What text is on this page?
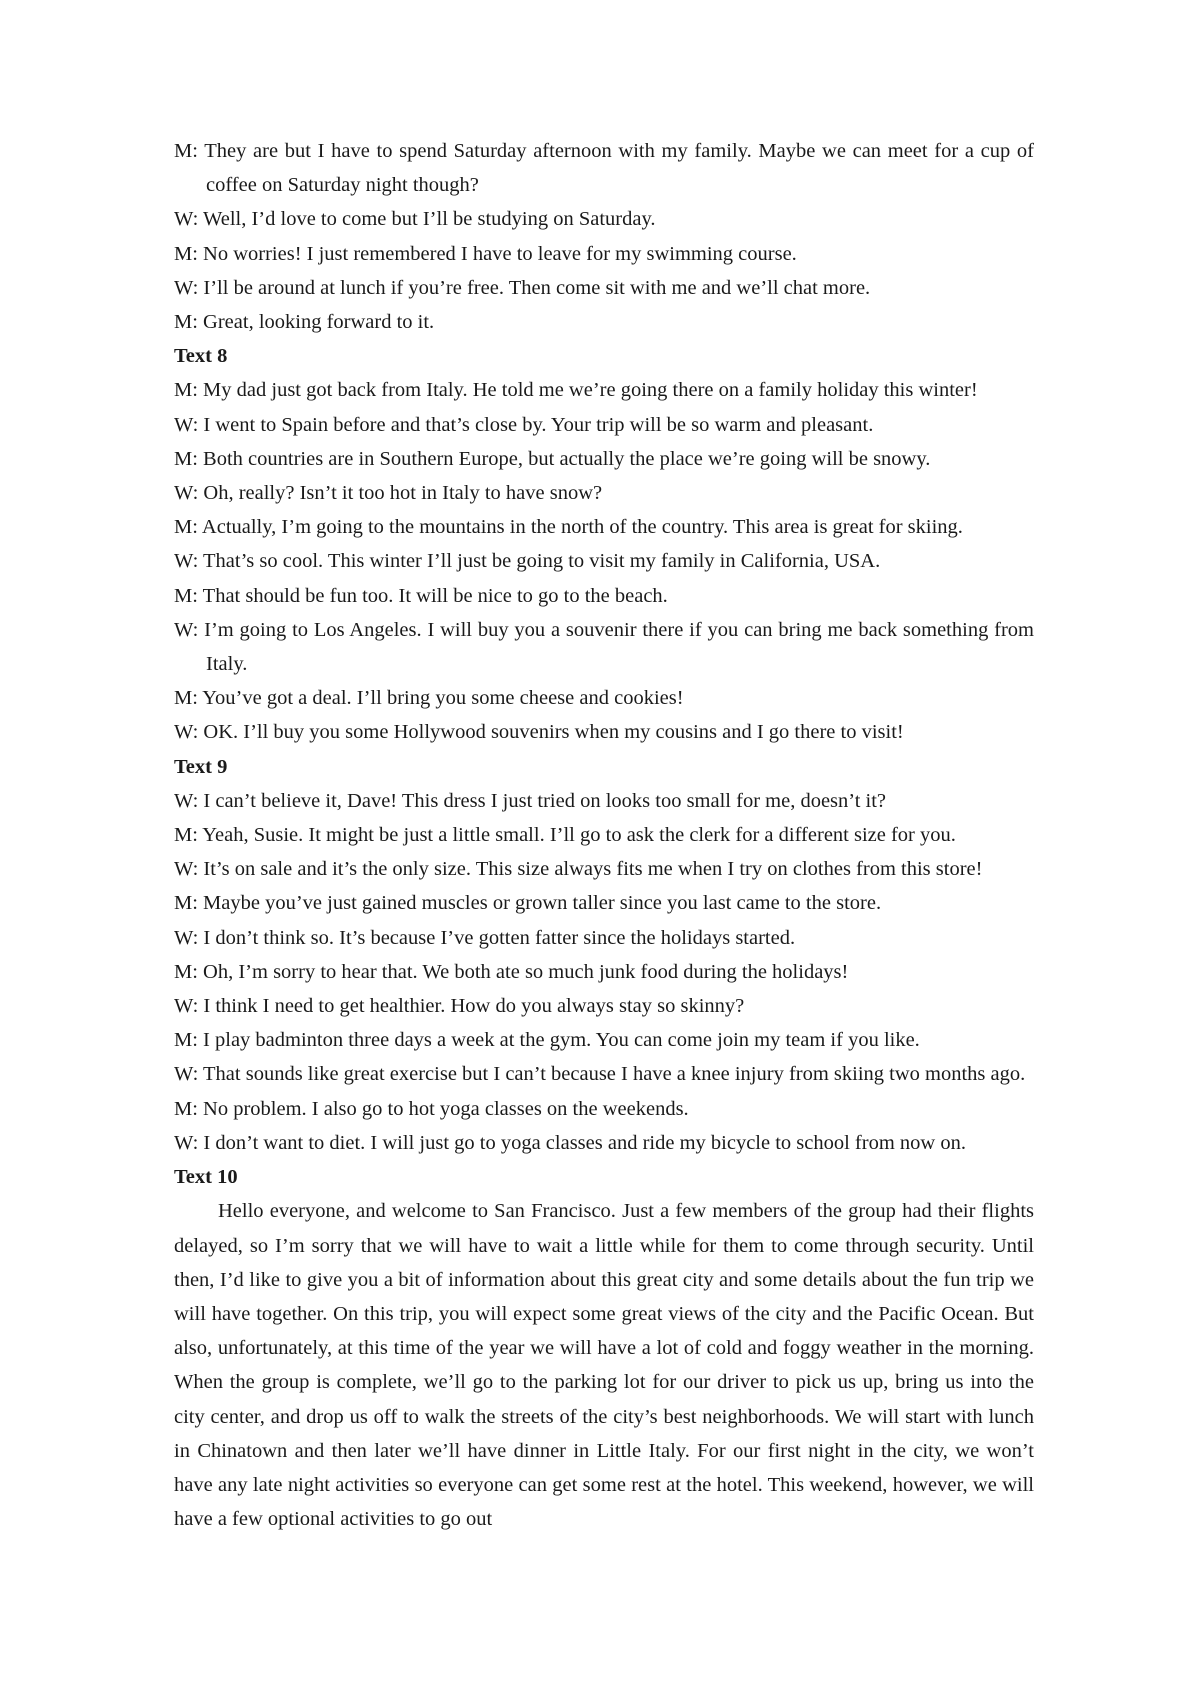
M: They are but I have to spend Saturday afternoon with my family. Maybe we can meet for a cup of coffee on Saturday night though?

W: Well, I’d love to come but I’ll be studying on Saturday.

M: No worries! I just remembered I have to leave for my swimming course.

W: I’ll be around at lunch if you’re free. Then come sit with me and we’ll chat more.

M: Great, looking forward to it.

Text 8

M: My dad just got back from Italy. He told me we’re going there on a family holiday this winter!

W: I went to Spain before and that’s close by. Your trip will be so warm and pleasant.

M: Both countries are in Southern Europe, but actually the place we’re going will be snowy.

W: Oh, really? Isn’t it too hot in Italy to have snow?

M: Actually, I’m going to the mountains in the north of the country. This area is great for skiing.

W: That’s so cool. This winter I’ll just be going to visit my family in California, USA.

M: That should be fun too. It will be nice to go to the beach.

W: I’m going to Los Angeles. I will buy you a souvenir there if you can bring me back something from Italy.

M: You’ve got a deal. I’ll bring you some cheese and cookies!

W: OK. I’ll buy you some Hollywood souvenirs when my cousins and I go there to visit!

Text 9

W: I can’t believe it, Dave! This dress I just tried on looks too small for me, doesn’t it?

M: Yeah, Susie. It might be just a little small. I’ll go to ask the clerk for a different size for you.

W: It’s on sale and it’s the only size. This size always fits me when I try on clothes from this store!

M: Maybe you’ve just gained muscles or grown taller since you last came to the store.

W: I don’t think so. It’s because I’ve gotten fatter since the holidays started.

M: Oh, I’m sorry to hear that. We both ate so much junk food during the holidays!

W: I think I need to get healthier. How do you always stay so skinny?

M: I play badminton three days a week at the gym. You can come join my team if you like.

W: That sounds like great exercise but I can’t because I have a knee injury from skiing two months ago.

M: No problem. I also go to hot yoga classes on the weekends.

W: I don’t want to diet. I will just go to yoga classes and ride my bicycle to school from now on.

Text 10

Hello everyone, and welcome to San Francisco. Just a few members of the group had their flights delayed, so I’m sorry that we will have to wait a little while for them to come through security. Until then, I’d like to give you a bit of information about this great city and some details about the fun trip we will have together. On this trip, you will expect some great views of the city and the Pacific Ocean. But also, unfortunately, at this time of the year we will have a lot of cold and foggy weather in the morning. When the group is complete, we’ll go to the parking lot for our driver to pick us up, bring us into the city center, and drop us off to walk the streets of the city’s best neighborhoods. We will start with lunch in Chinatown and then later we’ll have dinner in Little Italy. For our first night in the city, we won’t have any late night activities so everyone can get some rest at the hotel. This weekend, however, we will have a few optional activities to go out
